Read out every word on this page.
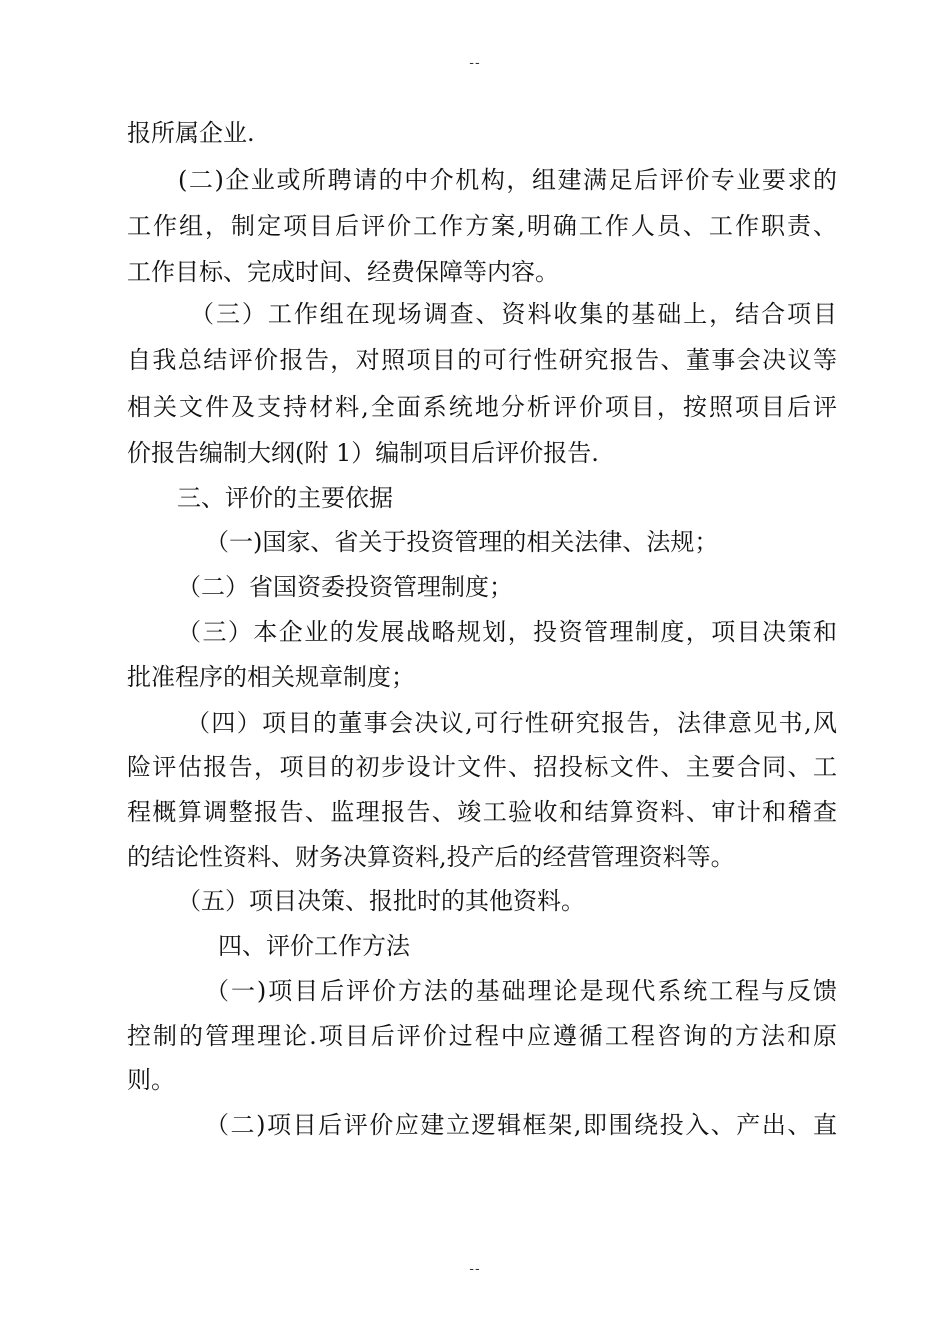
--
报所属企业.
(二)企业或所聘请的中介机构，组建满足后评价专业要求的
工作组，制定项目后评价工作方案,明确工作人员、工作职责、
工作目标、完成时间、经费保障等内容。
（三）工作组在现场调查、资料收集的基础上，结合项目
自我总结评价报告，对照项目的可行性研究报告、董事会决议等
相关文件及支持材料,全面系统地分析评价项目，按照项目后评
价报告编制大纲(附 1）编制项目后评价报告.
三、评价的主要依据
（一)国家、省关于投资管理的相关法律、法规；
（二）省国资委投资管理制度；
（三）本企业的发展战略规划，投资管理制度，项目决策和
批准程序的相关规章制度；
（四）项目的董事会决议,可行性研究报告，法律意见书,风
险评估报告，项目的初步设计文件、招投标文件、主要合同、工
程概算调整报告、监理报告、竣工验收和结算资料、审计和稽查
的结论性资料、财务决算资料,投产后的经营管理资料等。
（五）项目决策、报批时的其他资料。
四、评价工作方法
（一)项目后评价方法的基础理论是现代系统工程与反馈
控制的管理理论.项目后评价过程中应遵循工程咨询的方法和原
则。
（二)项目后评价应建立逻辑框架,即围绕投入、产出、直
--
